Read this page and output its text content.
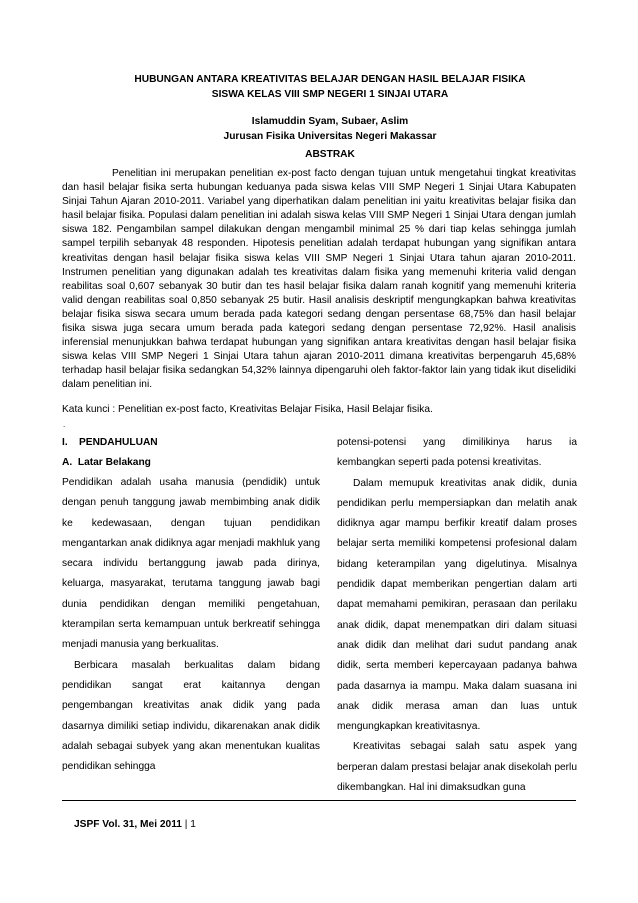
HUBUNGAN ANTARA KREATIVITAS BELAJAR DENGAN HASIL BELAJAR FISIKA
SISWA KELAS VIII SMP NEGERI 1 SINJAI UTARA
Islamuddin Syam, Subaer, Aslim
Jurusan Fisika Universitas Negeri Makassar
ABSTRAK

Penelitian ini merupakan penelitian ex-post facto dengan tujuan untuk mengetahui tingkat kreativitas dan hasil belajar fisika serta hubungan keduanya pada siswa kelas VIII SMP Negeri 1 Sinjai Utara Kabupaten Sinjai Tahun Ajaran 2010-2011. Variabel yang diperhatikan dalam penelitian ini yaitu kreativitas belajar fisika dan hasil belajar fisika. Populasi dalam penelitian ini adalah siswa kelas VIII SMP Negeri 1 Sinjai Utara dengan jumlah siswa 182. Pengambilan sampel dilakukan dengan mengambil minimal 25 % dari tiap kelas sehingga jumlah sampel terpilih sebanyak 48 responden. Hipotesis penelitian adalah terdapat hubungan yang signifikan antara kreativitas dengan hasil belajar fisika siswa kelas VIII SMP Negeri 1 Sinjai Utara tahun ajaran 2010-2011. Instrumen penelitian yang digunakan adalah tes kreativitas dalam fisika yang memenuhi kriteria valid dengan reabilitas soal 0,607 sebanyak 30 butir dan tes hasil belajar fisika dalam ranah kognitif yang memenuhi kriteria valid dengan reabilitas soal 0,850 sebanyak 25 butir. Hasil analisis deskriptif mengungkapkan bahwa kreativitas belajar fisika siswa secara umum berada pada kategori sedang dengan persentase 68,75% dan hasil belajar fisika siswa juga secara umum berada pada kategori sedang dengan persentase 72,92%. Hasil analisis inferensial menunjukkan bahwa terdapat hubungan yang signifikan antara kreativitas dengan hasil belajar fisika siswa kelas VIII SMP Negeri 1 Sinjai Utara tahun ajaran 2010-2011 dimana kreativitas berpengaruh 45,68% terhadap hasil belajar fisika sedangkan 54,32% lainnya dipengaruhi oleh faktor-faktor lain yang tidak ikut diselidiki dalam penelitian ini.

Kata kunci : Penelitian ex-post facto, Kreativitas Belajar Fisika, Hasil Belajar fisika.

.

I.    PENDAHULUAN

A.  Latar Belakang

Pendidikan adalah usaha manusia (pendidik) untuk dengan penuh tanggung jawab membimbing anak didik ke kedewasaan, dengan tujuan pendidikan mengantarkan anak didiknya agar menjadi makhluk yang secara individu bertanggung jawab pada dirinya, keluarga, masyarakat, terutama tanggung jawab bagi dunia pendidikan dengan memiliki pengetahuan, kterampilan serta kemampuan untuk berkreatif sehingga menjadi manusia yang berkualitas.

Berbicara masalah berkualitas dalam bidang pendidikan sangat erat kaitannya dengan pengembangan kreativitas anak didik yang pada dasarnya dimiliki setiap individu, dikarenakan anak didik adalah sebagai subyek yang akan menentukan kualitas pendidikan sehingga

potensi-potensi yang dimilikinya harus ia kembangkan seperti pada potensi kreativitas.

Dalam memupuk kreativitas anak didik, dunia pendidikan perlu mempersiapkan dan melatih anak didiknya agar mampu berfikir kreatif dalam proses belajar serta memiliki kompetensi profesional dalam bidang keterampilan yang digelutinya. Misalnya pendidik dapat memberikan pengertian dalam arti dapat memahami pemikiran, perasaan dan perilaku anak didik, dapat menempatkan diri dalam situasi anak didik dan melihat dari sudut pandang anak didik, serta memberi kepercayaan padanya bahwa pada dasarnya ia mampu. Maka dalam suasana ini anak didik merasa aman dan luas untuk mengungkapkan kreativitasnya.

Kreativitas sebagai salah satu aspek yang berperan dalam prestasi belajar anak disekolah perlu dikembangkan. Hal ini dimaksudkan guna

JSPF Vol. 31, Mei 2011 | 1
